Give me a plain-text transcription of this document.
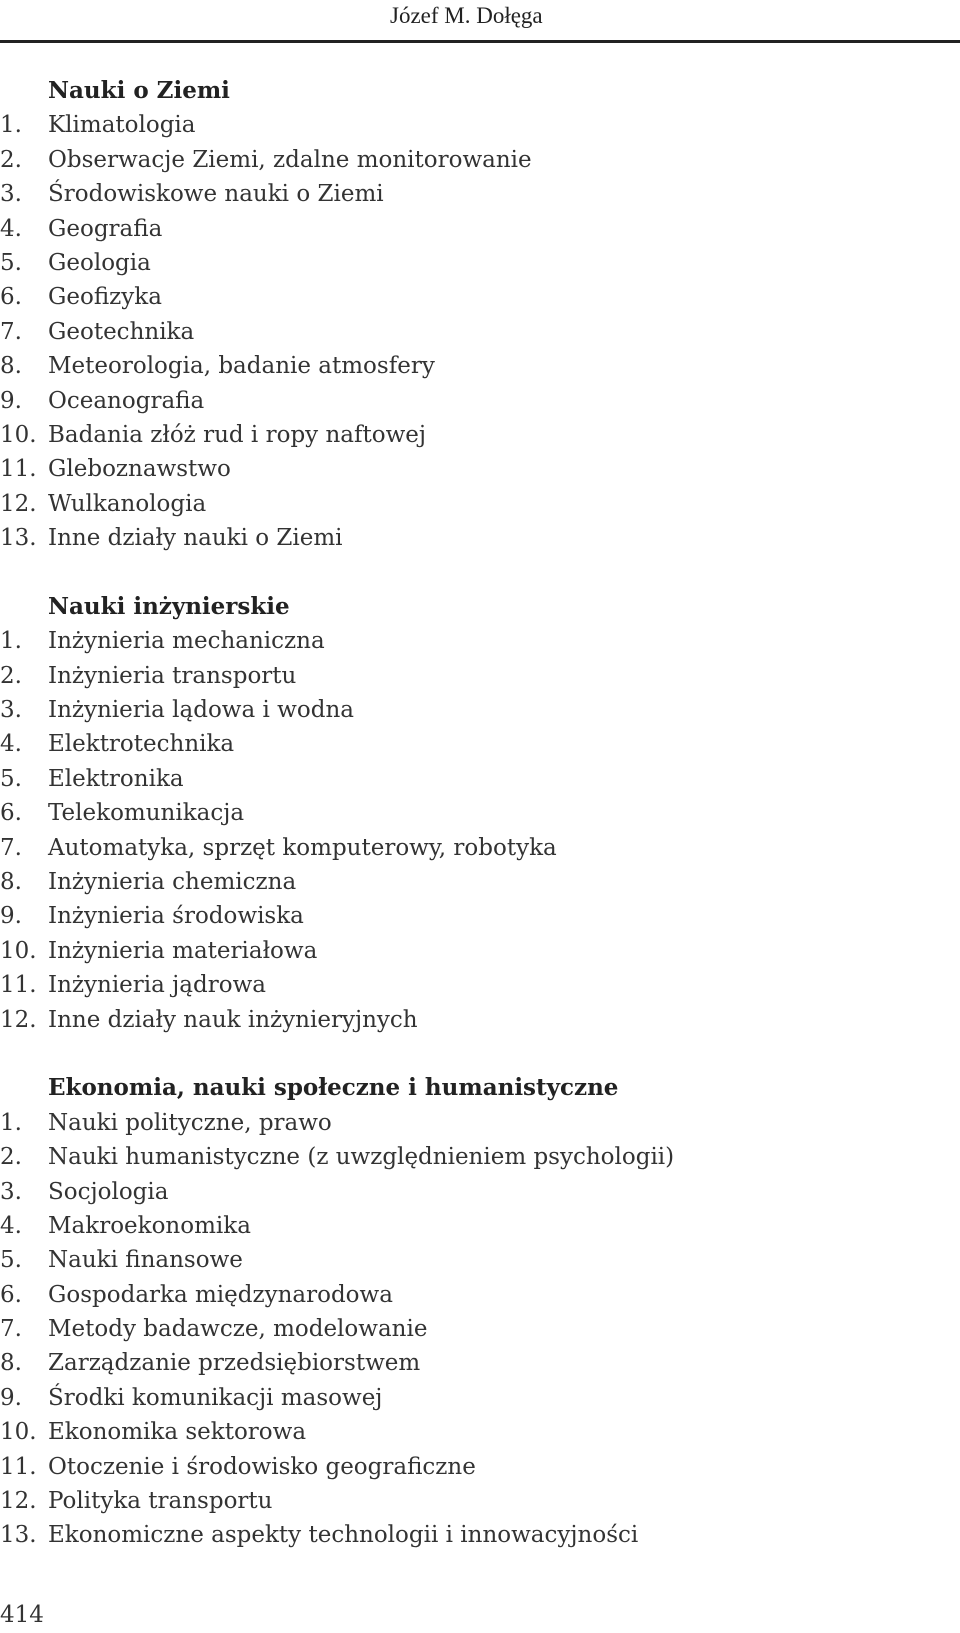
Józef M. Dołęga
Nauki o Ziemi
1. Klimatologia
2. Obserwacje Ziemi, zdalne monitorowanie
3. Środowiskowe nauki o Ziemi
4. Geografia
5. Geologia
6. Geofizyka
7. Geotechnika
8. Meteorologia, badanie atmosfery
9. Oceanografia
10. Badania złóż rud i ropy naftowej
11. Gleboznawstwo
12. Wulkanologia
13. Inne działy nauki o Ziemi
Nauki inżynierskie
1. Inżynieria mechaniczna
2. Inżynieria transportu
3. Inżynieria lądowa i wodna
4. Elektrotechnika
5. Elektronika
6. Telekomunikacja
7. Automatyka, sprzęt komputerowy, robotyka
8. Inżynieria chemiczna
9. Inżynieria środowiska
10. Inżynieria materiałowa
11. Inżynieria jądrowa
12. Inne działy nauk inżynieryjnych
Ekonomia, nauki społeczne i humanistyczne
1. Nauki polityczne, prawo
2. Nauki humanistyczne (z uwzględnieniem psychologii)
3. Socjologia
4. Makroekonomika
5. Nauki finansowe
6. Gospodarka międzynarodowa
7. Metody badawcze, modelowanie
8. Zarządzanie przedsiębiorstwem
9. Środki komunikacji masowej
10. Ekonomika sektorowa
11. Otoczenie i środowisko geograficzne
12. Polityka transportu
13. Ekonomiczne aspekty technologii i innowacyjności
414
